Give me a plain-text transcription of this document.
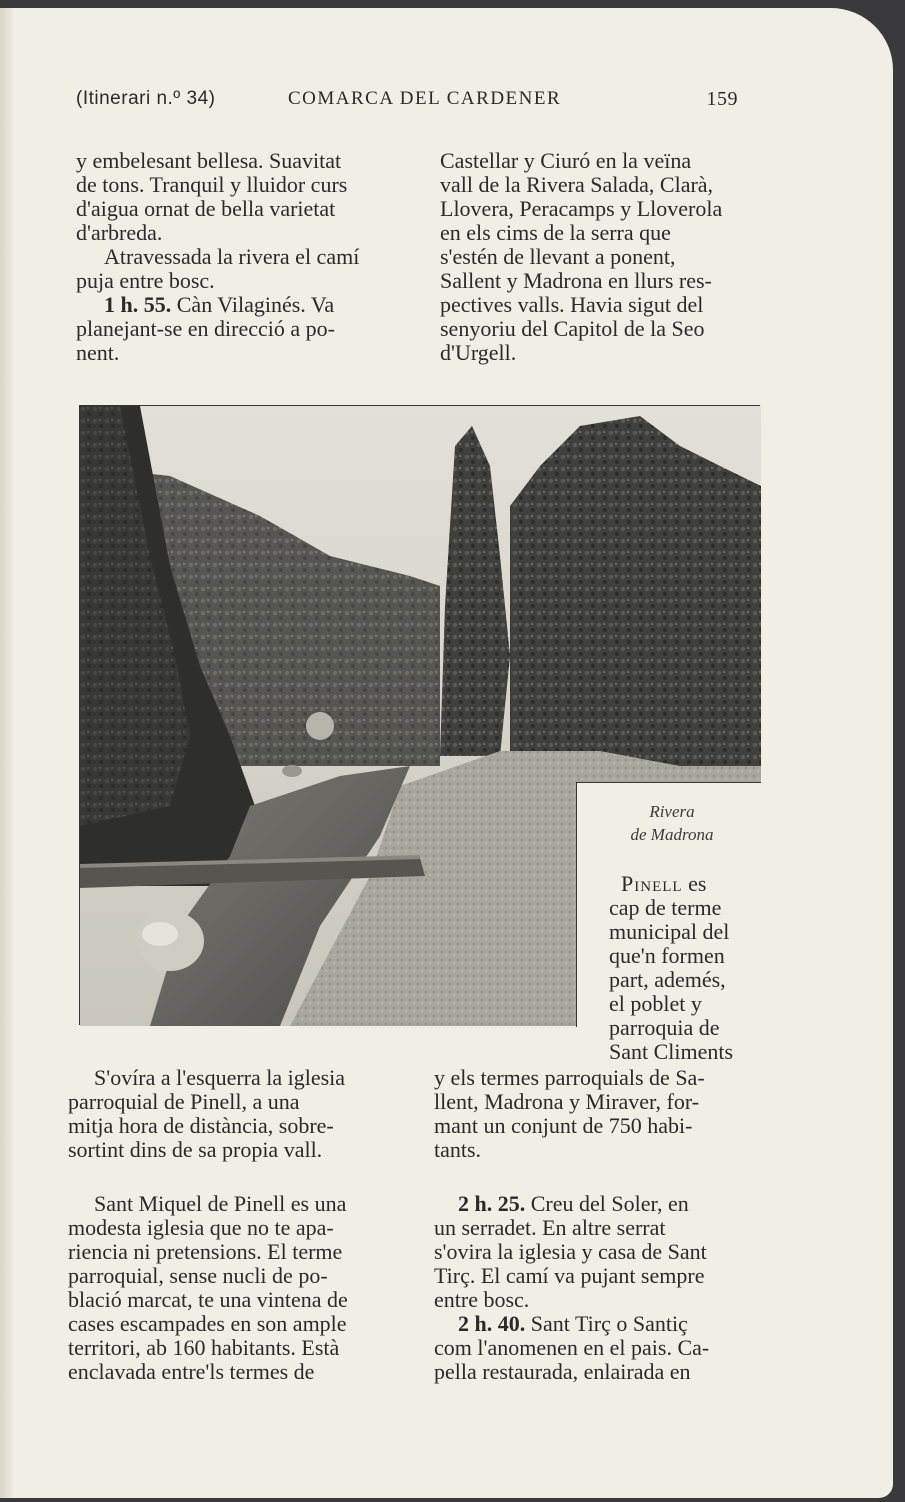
(Itinerari n.º 34)	COMARCA DEL CARDENER	159

y embelesant bellesa. Suavitat
de tons. Tranquil y lluidor curs
d'aigua ornat de bella varietat
d'arbreda.

Atravessada la rivera el camí
puja entre bosc.

1 h. 55. Càn Vilaginés. Va
planejant-se en direcció a po-
nent.

Castellar y Ciuró en la veïna
vall de la Rivera Salada, Clarà,
Llovera, Peracamps y Lloverola
en els cims de la serra que
s'estén de llevant a ponent,
Sallent y Madrona en llurs res-
pectives valls. Havia sigut del
senyoriu del Capitol de la Seo
d'Urgell.

Rivera
de Madrona
Pinell es
cap de terme
municipal del
que'n formen
part, ademés,
el poblet y
parroquia de
Sant Climents

S'ovíra a l'esquerra la iglesia
parroquial de Pinell, a una
mitja hora de distància, sobre-
sortint dins de sa propia vall.

Sant Miquel de Pinell es una
modesta iglesia que no te apa-
riencia ni pretensions. El terme
parroquial, sense nucli de po-
blació marcat, te una vintena de
cases escampades en son ample
territori, ab 160 habitants. Està
enclavada entre'ls termes de

y els termes parroquials de Sa-
llent, Madrona y Miraver, for-
mant un conjunt de 750 habi-
tants.

2 h. 25. Creu del Soler, en
un serradet. En altre serrat
s'ovira la iglesia y casa de Sant
Tirç. El camí va pujant sempre
entre bosc.

2 h. 40. Sant Tirç o Santiç
com l'anomenen en el pais. Ca-
pella restaurada, enlairada en
